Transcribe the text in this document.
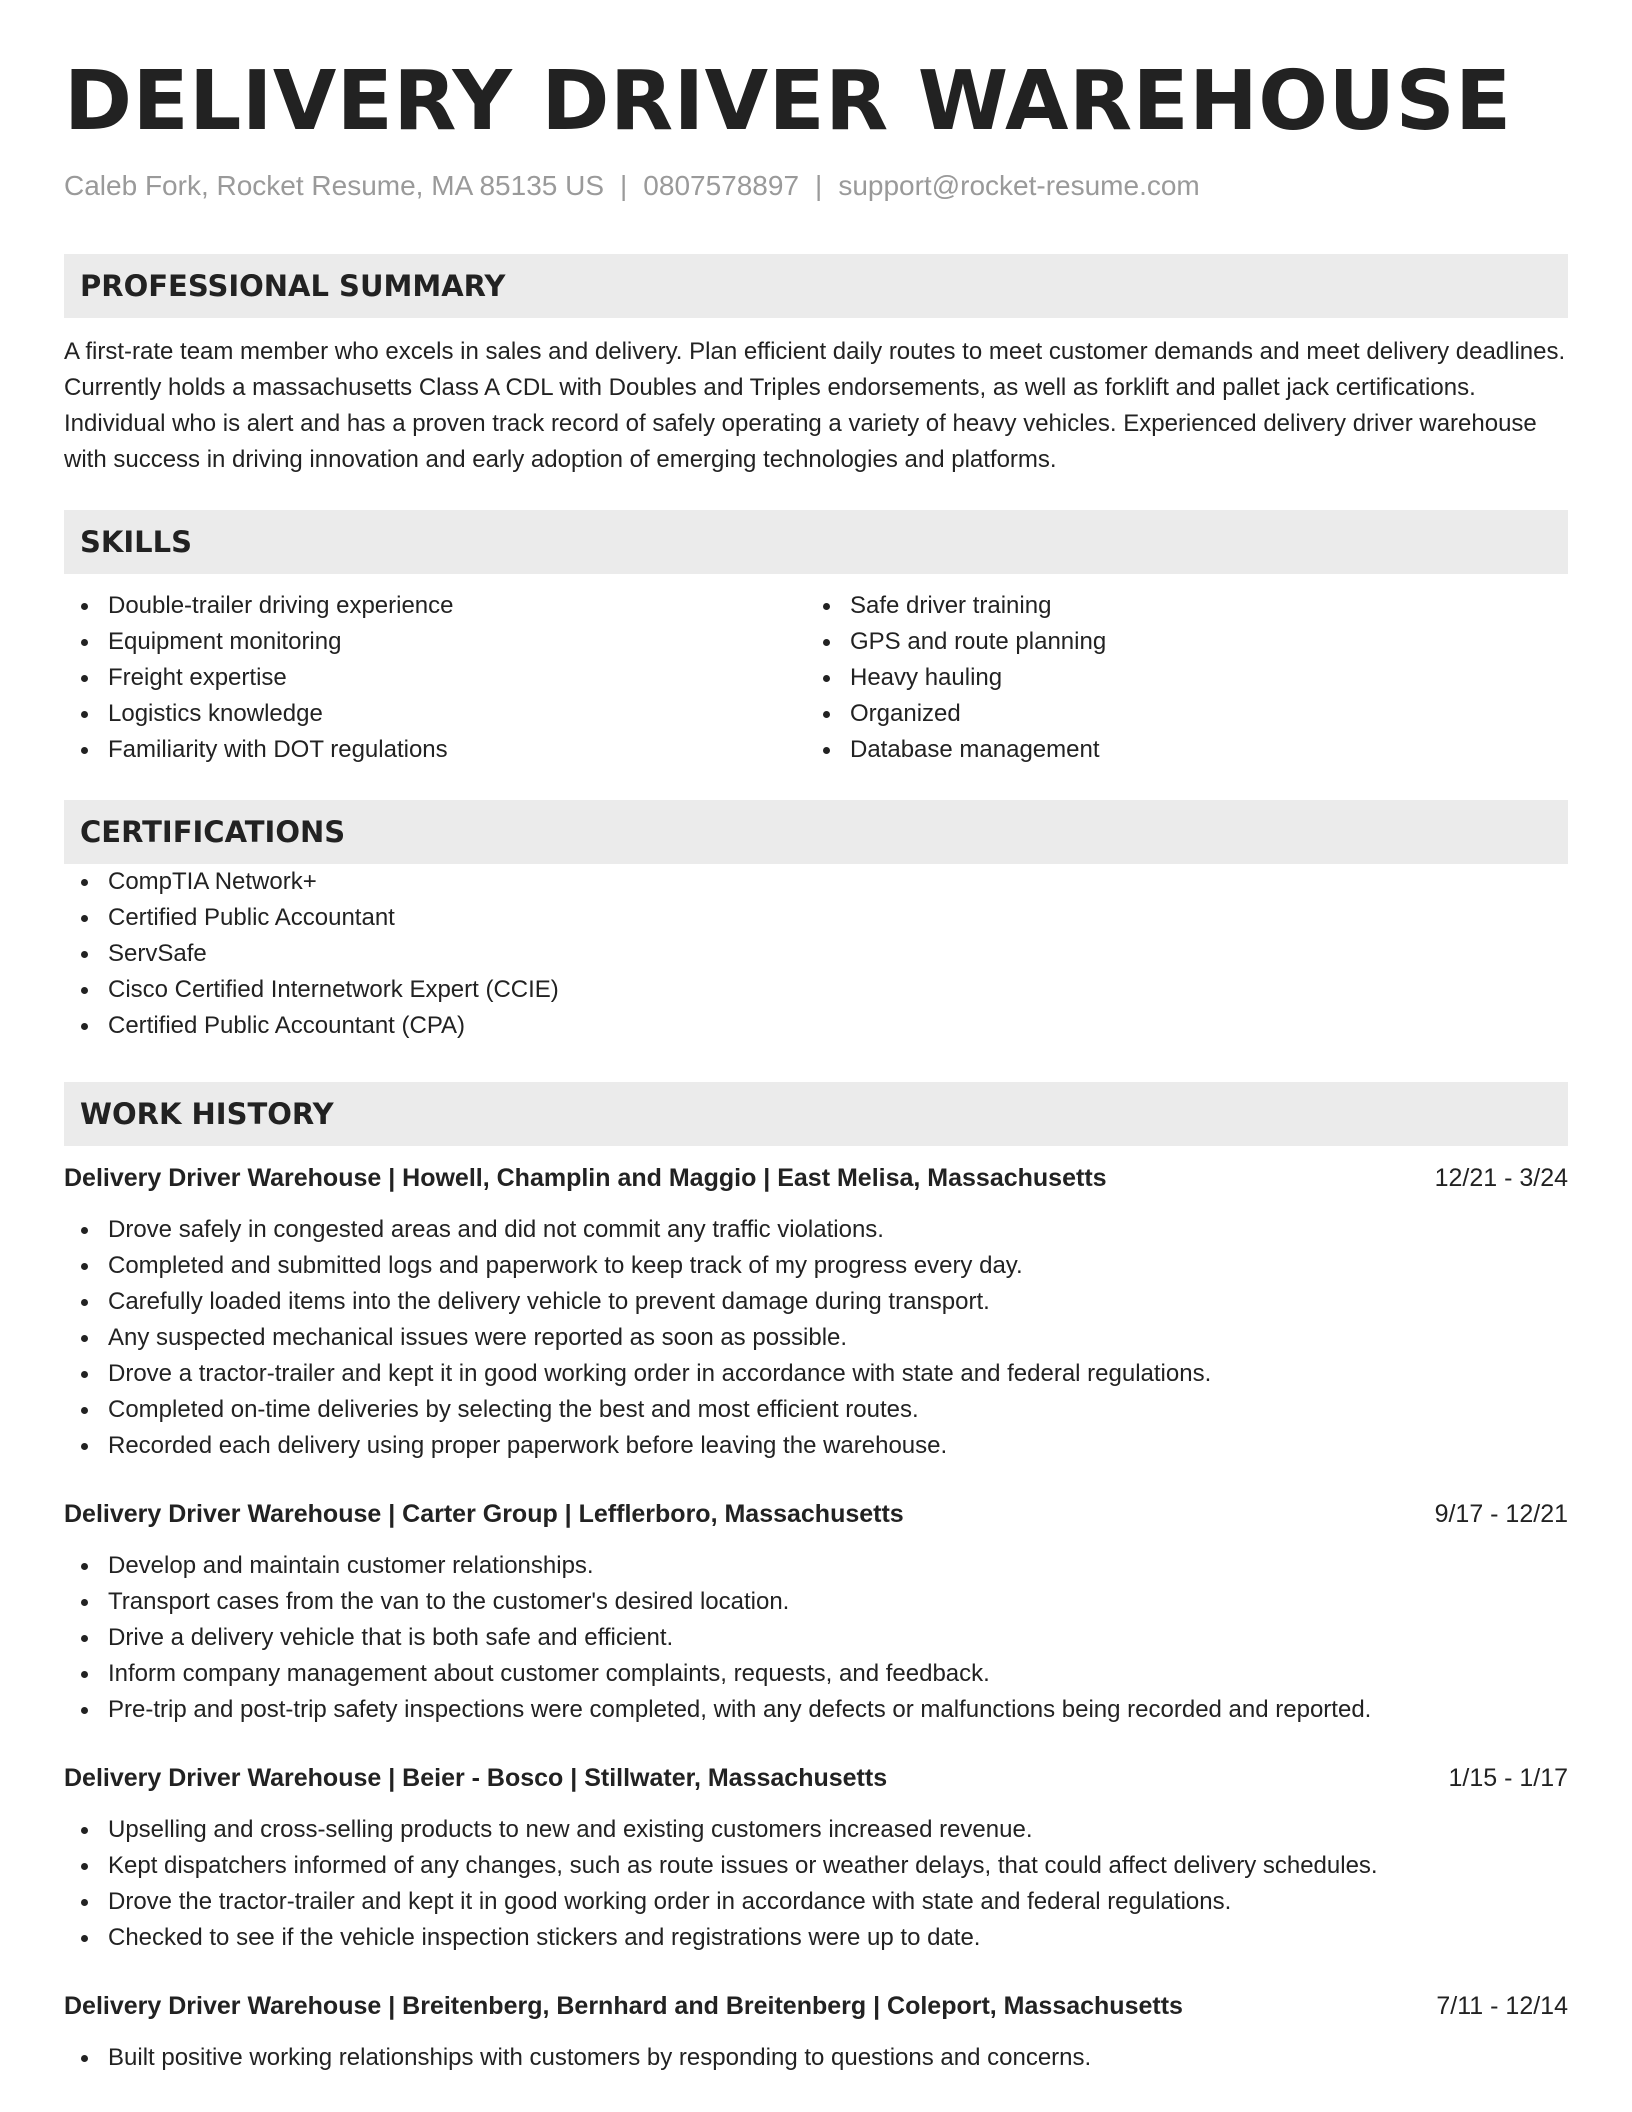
DELIVERY DRIVER WAREHOUSE
Caleb Fork, Rocket Resume, MA 85135 US | 0807578897 | support@rocket-resume.com
PROFESSIONAL SUMMARY

A first-rate team member who excels in sales and delivery. Plan efficient daily routes to meet customer demands and meet delivery deadlines. Currently holds a massachusetts Class A CDL with Doubles and Triples endorsements, as well as forklift and pallet jack certifications. Individual who is alert and has a proven track record of safely operating a variety of heavy vehicles. Experienced delivery driver warehouse with success in driving innovation and early adoption of emerging technologies and platforms.

SKILLS
Double-trailer driving experience
Equipment monitoring
Freight expertise
Logistics knowledge
Familiarity with DOT regulations
Safe driver training
GPS and route planning
Heavy hauling
Organized
Database management
CERTIFICATIONS
CompTIA Network+
Certified Public Accountant
ServSafe
Cisco Certified Internetwork Expert (CCIE)
Certified Public Accountant (CPA)
WORK HISTORY
Delivery Driver Warehouse | Howell, Champlin and Maggio | East Melisa, Massachusetts	12/21 - 3/24
Drove safely in congested areas and did not commit any traffic violations.
Completed and submitted logs and paperwork to keep track of my progress every day.
Carefully loaded items into the delivery vehicle to prevent damage during transport.
Any suspected mechanical issues were reported as soon as possible.
Drove a tractor-trailer and kept it in good working order in accordance with state and federal regulations.
Completed on-time deliveries by selecting the best and most efficient routes.
Recorded each delivery using proper paperwork before leaving the warehouse.
Delivery Driver Warehouse | Carter Group | Lefflerboro, Massachusetts	9/17 - 12/21
Develop and maintain customer relationships.
Transport cases from the van to the customer's desired location.
Drive a delivery vehicle that is both safe and efficient.
Inform company management about customer complaints, requests, and feedback.
Pre-trip and post-trip safety inspections were completed, with any defects or malfunctions being recorded and reported.
Delivery Driver Warehouse | Beier - Bosco | Stillwater, Massachusetts	1/15 - 1/17
Upselling and cross-selling products to new and existing customers increased revenue.
Kept dispatchers informed of any changes, such as route issues or weather delays, that could affect delivery schedules.
Drove the tractor-trailer and kept it in good working order in accordance with state and federal regulations.
Checked to see if the vehicle inspection stickers and registrations were up to date.
Delivery Driver Warehouse | Breitenberg, Bernhard and Breitenberg | Coleport, Massachusetts	7/11 - 12/14
Built positive working relationships with customers by responding to questions and concerns.
